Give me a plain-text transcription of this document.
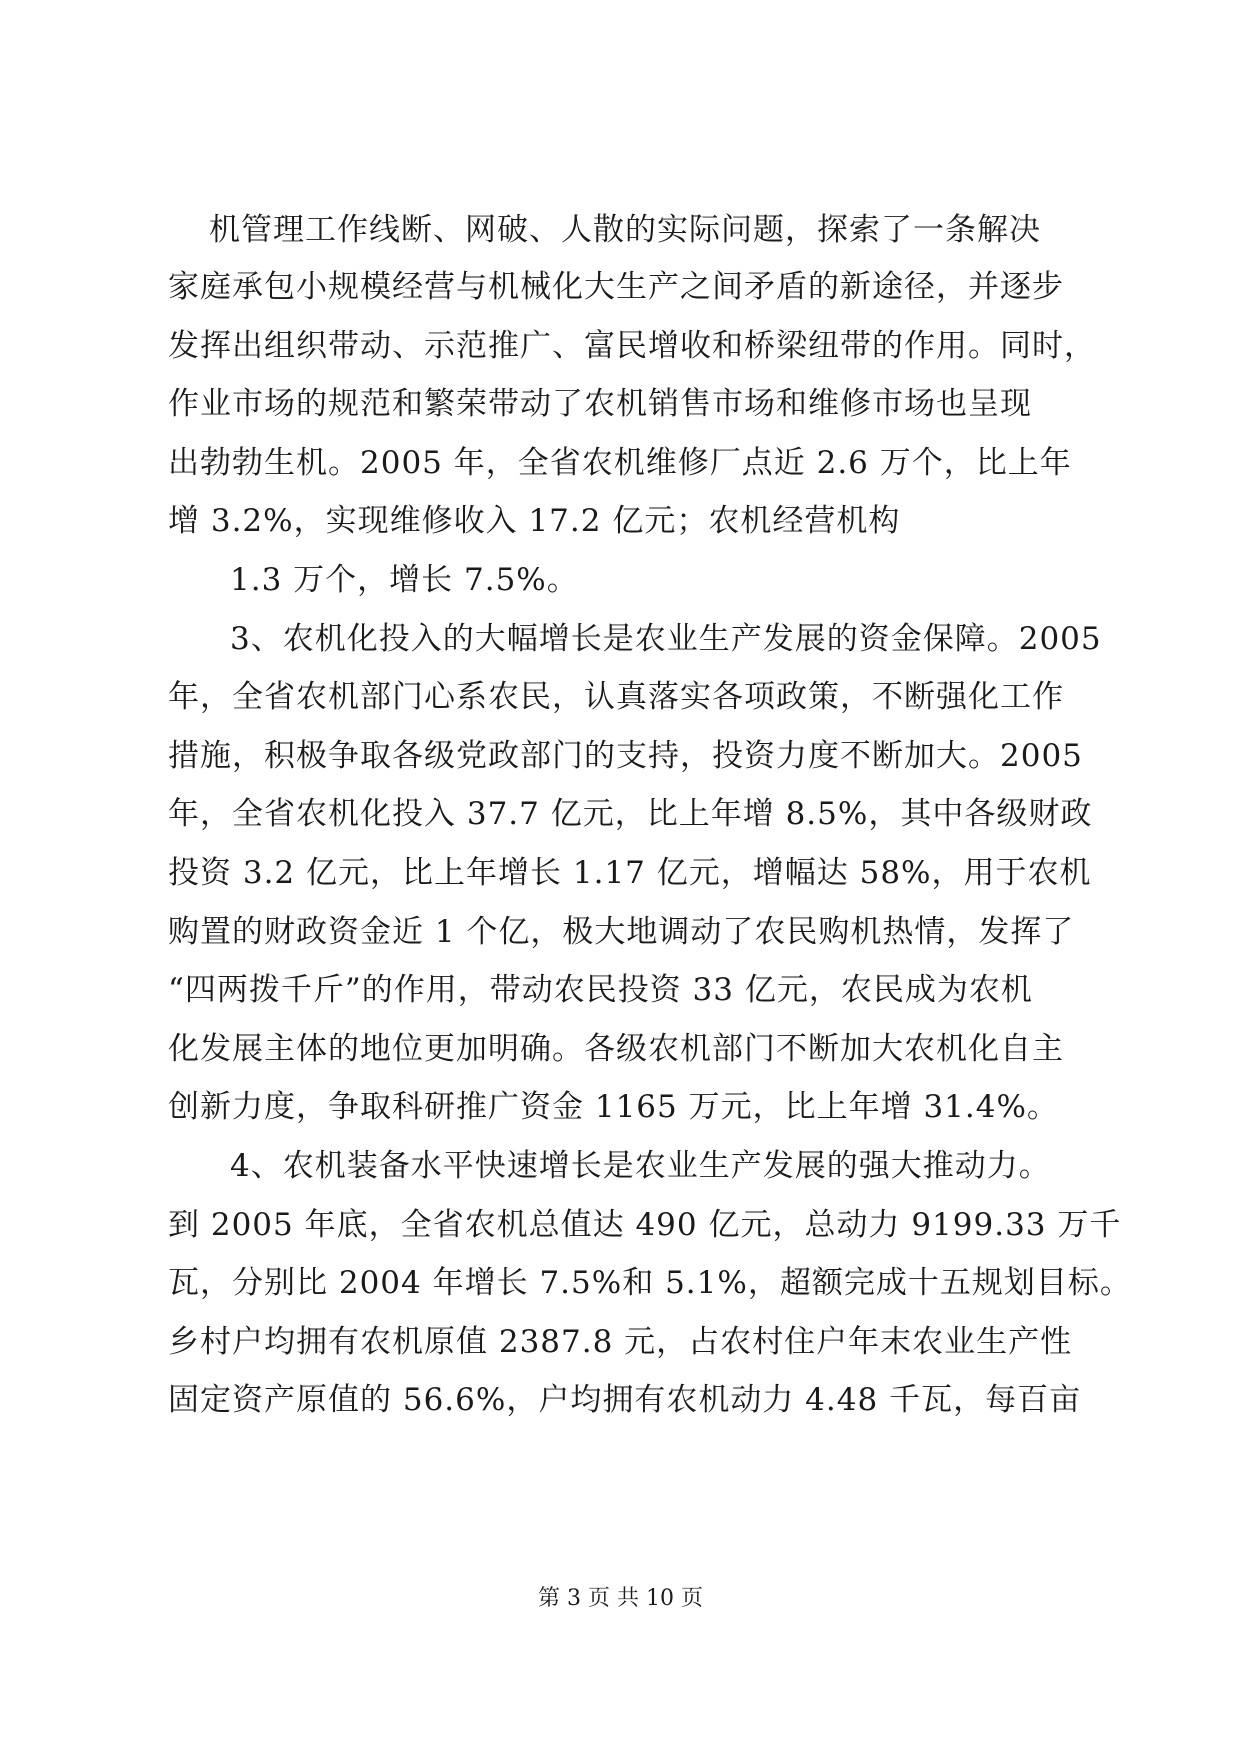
机管理工作线断、网破、人散的实际问题，探索了一条解决
家庭承包小规模经营与机械化大生产之间矛盾的新途径，并逐步
发挥出组织带动、示范推广、富民增收和桥梁纽带的作用。同时，
作业市场的规范和繁荣带动了农机销售市场和维修市场也呈现
出勃勃生机。2005 年，全省农机维修厂点近 2.6 万个，比上年
增 3.2%，实现维修收入 17.2 亿元；农机经营机构
1.3 万个，增长 7.5%。
3、农机化投入的大幅增长是农业生产发展的资金保障。2005
年，全省农机部门心系农民，认真落实各项政策，不断强化工作
措施，积极争取各级党政部门的支持，投资力度不断加大。2005
年，全省农机化投入 37.7 亿元，比上年增 8.5%，其中各级财政
投资 3.2 亿元，比上年增长 1.17 亿元，增幅达 58%，用于农机
购置的财政资金近 1 个亿，极大地调动了农民购机热情，发挥了
“四两拨千斤”的作用，带动农民投资 33 亿元，农民成为农机
化发展主体的地位更加明确。各级农机部门不断加大农机化自主
创新力度，争取科研推广资金 1165 万元，比上年增 31.4%。
4、农机装备水平快速增长是农业生产发展的强大推动力。
到 2005 年底，全省农机总值达 490 亿元，总动力 9199.33 万千
瓦，分别比 2004 年增长 7.5%和 5.1%，超额完成十五规划目标。
乡村户均拥有农机原值 2387.8 元，占农村住户年末农业生产性
固定资产原值的 56.6%，户均拥有农机动力 4.48 千瓦，每百亩
第 3 页 共 10 页
